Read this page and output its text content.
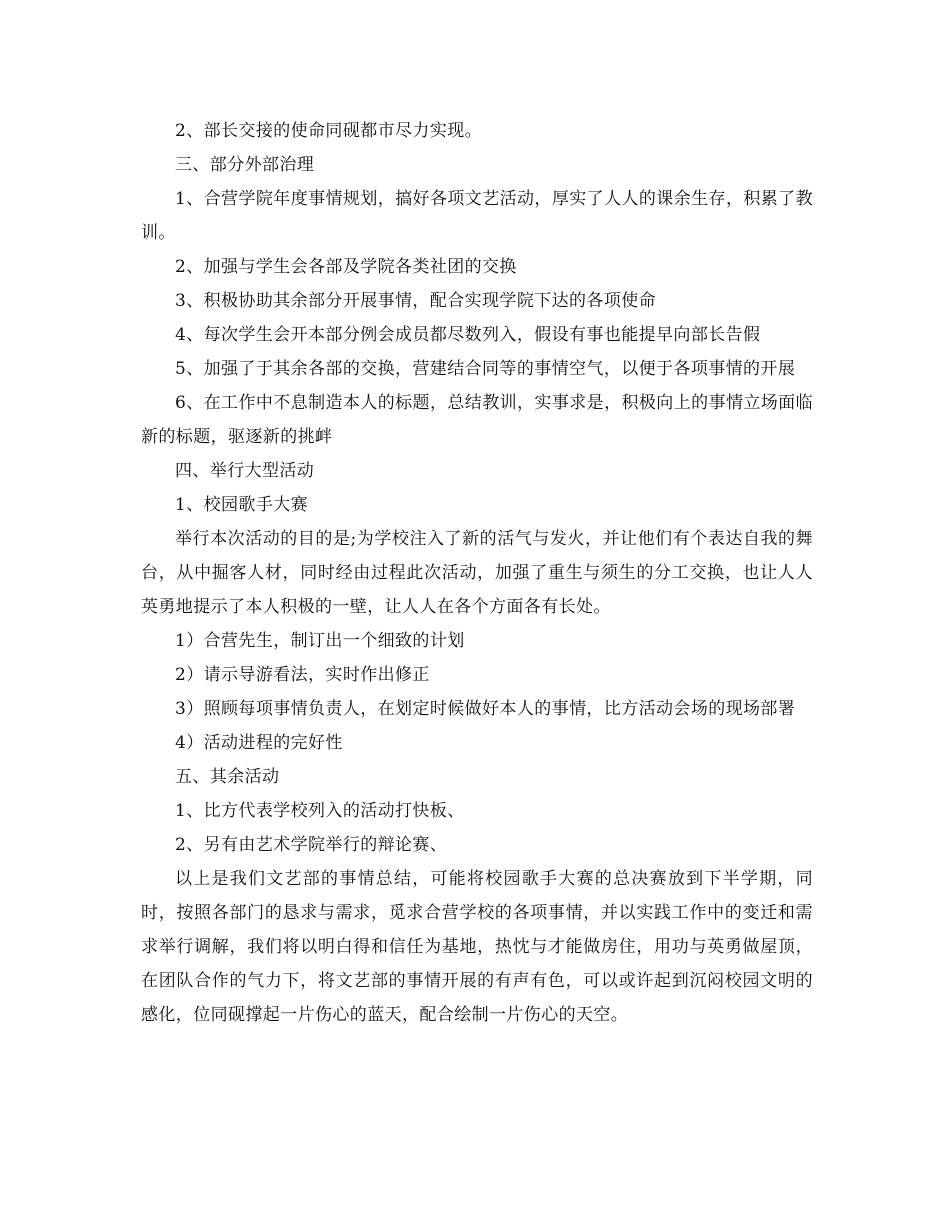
2、部长交接的使命同砚都市尽力实现。

三、部分外部治理

1、合营学院年度事情规划，搞好各项文艺活动，厚实了人人的课余生存，积累了教训。

2、加强与学生会各部及学院各类社团的交换

3、积极协助其余部分开展事情，配合实现学院下达的各项使命

4、每次学生会开本部分例会成员都尽数列入，假设有事也能提早向部长告假

5、加强了于其余各部的交换，营建结合同等的事情空气，以便于各项事情的开展

6、在工作中不息制造本人的标题，总结教训，实事求是，积极向上的事情立场面临新的标题，驱逐新的挑衅

四、举行大型活动

1、校园歌手大赛

举行本次活动的目的是;为学校注入了新的活气与发火，并让他们有个表达自我的舞台，从中掘客人材，同时经由过程此次活动，加强了重生与须生的分工交换，也让人人英勇地提示了本人积极的一壁，让人人在各个方面各有长处。

1）合营先生，制订出一个细致的计划

2）请示导游看法，实时作出修正

3）照顾每项事情负责人，在划定时候做好本人的事情，比方活动会场的现场部署

4）活动进程的完好性

五、其余活动

1、比方代表学校列入的活动打快板、

2、另有由艺术学院举行的辩论赛、

以上是我们文艺部的事情总结，可能将校园歌手大赛的总决赛放到下半学期，同时，按照各部门的恳求与需求，觅求合营学校的各项事情，并以实践工作中的变迁和需求举行调解，我们将以明白得和信任为基地，热忱与才能做房住，用功与英勇做屋顶，在团队合作的气力下，将文艺部的事情开展的有声有色，可以或许起到沉闷校园文明的感化，位同砚撑起一片伤心的蓝天，配合绘制一片伤心的天空。
